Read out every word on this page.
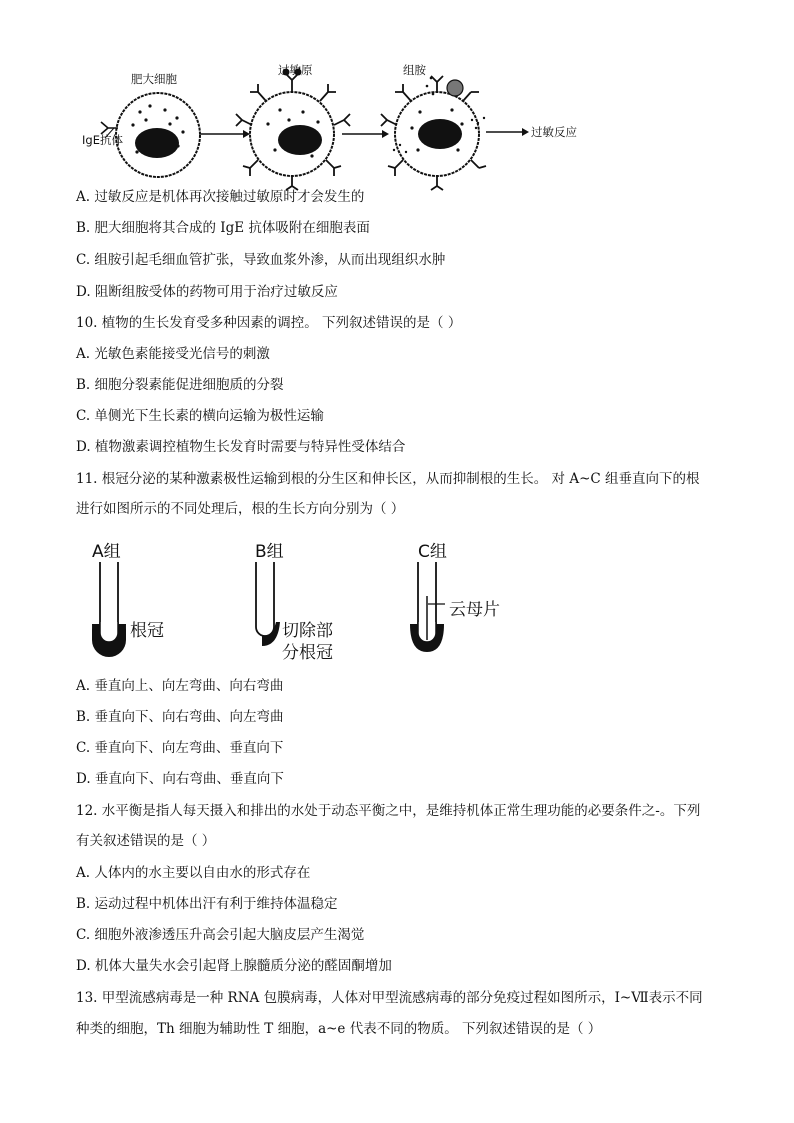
肥大细胞
过敏原	组胺
IgE抗体
过敏反应
A. 过敏反应是机体再次接触过敏原时才会发生的
B. 肥大细胞将其合成的 IgE 抗体吸附在细胞表面
C. 组胺引起毛细血管扩张，导致血浆外渗，从而出现组织水肿
D. 阻断组胺受体的药物可用于治疗过敏反应
10. 植物的生长发育受多种因素的调控。 下列叙述错误的是（ ）
A. 光敏色素能接受光信号的刺激
B. 细胞分裂素能促进细胞质的分裂
C. 单侧光下生长素的横向运输为极性运输
D. 植物激素调控植物生长发育时需要与特异性受体结合
11. 根冠分泌的某种激素极性运输到根的分生区和伸长区，从而抑制根的生长。 对 A~C 组垂直向下的根
进行如图所示的不同处理后，根的生长方向分别为（ ）
A组	B组	C组
根冠	切除部
分根冠
云母片
A. 垂直向上、向左弯曲、向右弯曲
B. 垂直向下、向右弯曲、向左弯曲
C. 垂直向下、向左弯曲、垂直向下
D. 垂直向下、向右弯曲、垂直向下
12. 水平衡是指人每天摄入和排出的水处于动态平衡之中，是维持机体正常生理功能的必要条件之-。下列
有关叙述错误的是（ ）
A. 人体内的水主要以自由水的形式存在
B. 运动过程中机体出汗有利于维持体温稳定
C. 细胞外液渗透压升高会引起大脑皮层产生渴觉
D. 机体大量失水会引起肾上腺髓质分泌的醛固酮增加
13. 甲型流感病毒是一种 RNA 包膜病毒，人体对甲型流感病毒的部分免疫过程如图所示，I~Ⅶ表示不同
种类的细胞，Th 细胞为辅助性 T 细胞，a~e 代表不同的物质。 下列叙述错误的是（ ）
